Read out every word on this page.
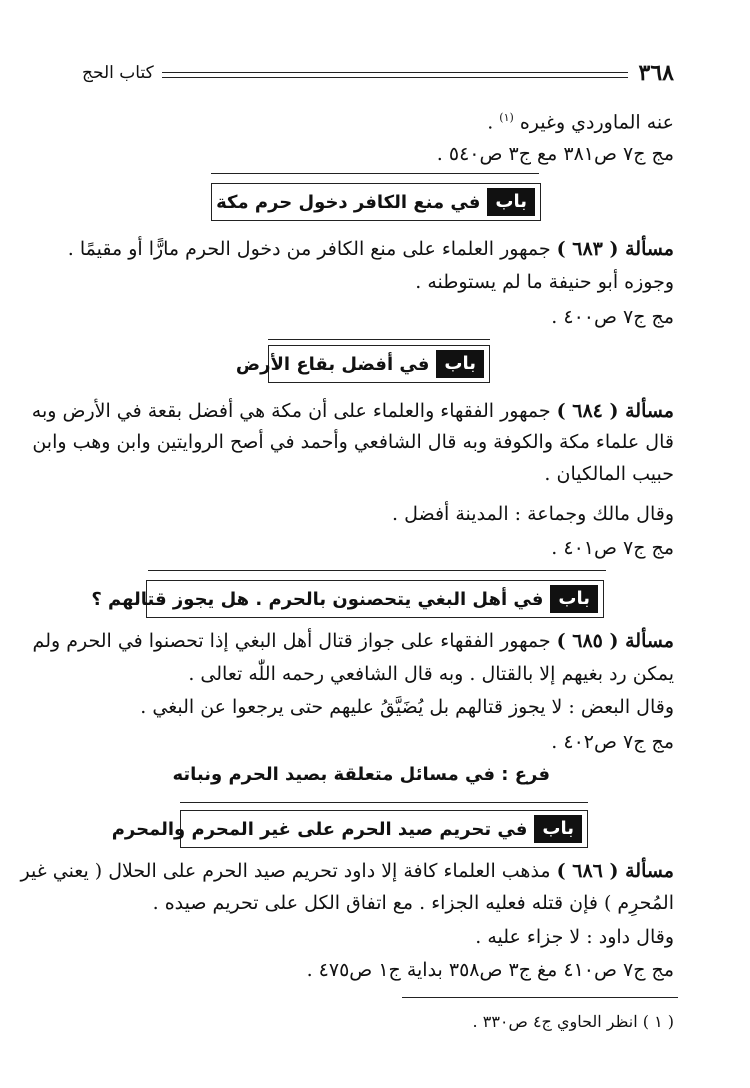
٣٦٨
كتاب الحج
عنه الماوردي وغيره $^{(١)}$ .
مج ج٧ ص٣٨١ مع ج٣ ص٥٤٠ .
باب
في منع الكافر دخول حرم مكة
مسألة ( ٦٨٣ ) جمهور العلماء على منع الكافر من دخول الحرم مارًّا أو مقيمًا .
وجوزه أبو حنيفة ما لم يستوطنه .
مج ج٧ ص٤٠٠ .
باب
في أفضل بقاع الأرض
مسألة ( ٦٨٤ ) جمهور الفقهاء والعلماء على أن مكة هي أفضل بقعة في الأرض وبه
قال علماء مكة والكوفة وبه قال الشافعي وأحمد في أصح الروايتين وابن وهب وابن
حبيب المالكيان .
وقال مالك وجماعة : المدينة أفضل .
مج ج٧ ص٤٠١ .
باب
في أهل البغي يتحصنون بالحرم . هل يجوز قتالهم ؟
مسألة ( ٦٨٥ ) جمهور الفقهاء على جواز قتال أهل البغي إذا تحصنوا في الحرم ولم
يمكن رد بغيهم إلا بالقتال . وبه قال الشافعي رحمه اللّٰه تعالى .
وقال البعض : لا يجوز قتالهم بل يُضَيَّقُ عليهم حتى يرجعوا عن البغي .
مج ج٧ ص٤٠٢ .
فرع : في مسائل متعلقة بصيد الحرم ونباته
باب
في تحريم صيد الحرم على غير المحرم والمحرم
مسألة ( ٦٨٦ ) مذهب العلماء كافة إلا داود تحريم صيد الحرم على الحلال ( يعني غير
المُحرِم ) فإن قتله فعليه الجزاء . مع اتفاق الكل على تحريم صيده .
وقال داود : لا جزاء عليه .
مج ج٧ ص٤١٠ مغ ج٣ ص٣٥٨ بداية ج١ ص٤٧٥ .
( ١ ) انظر الحاوي ج٤ ص٣٣٠ .
